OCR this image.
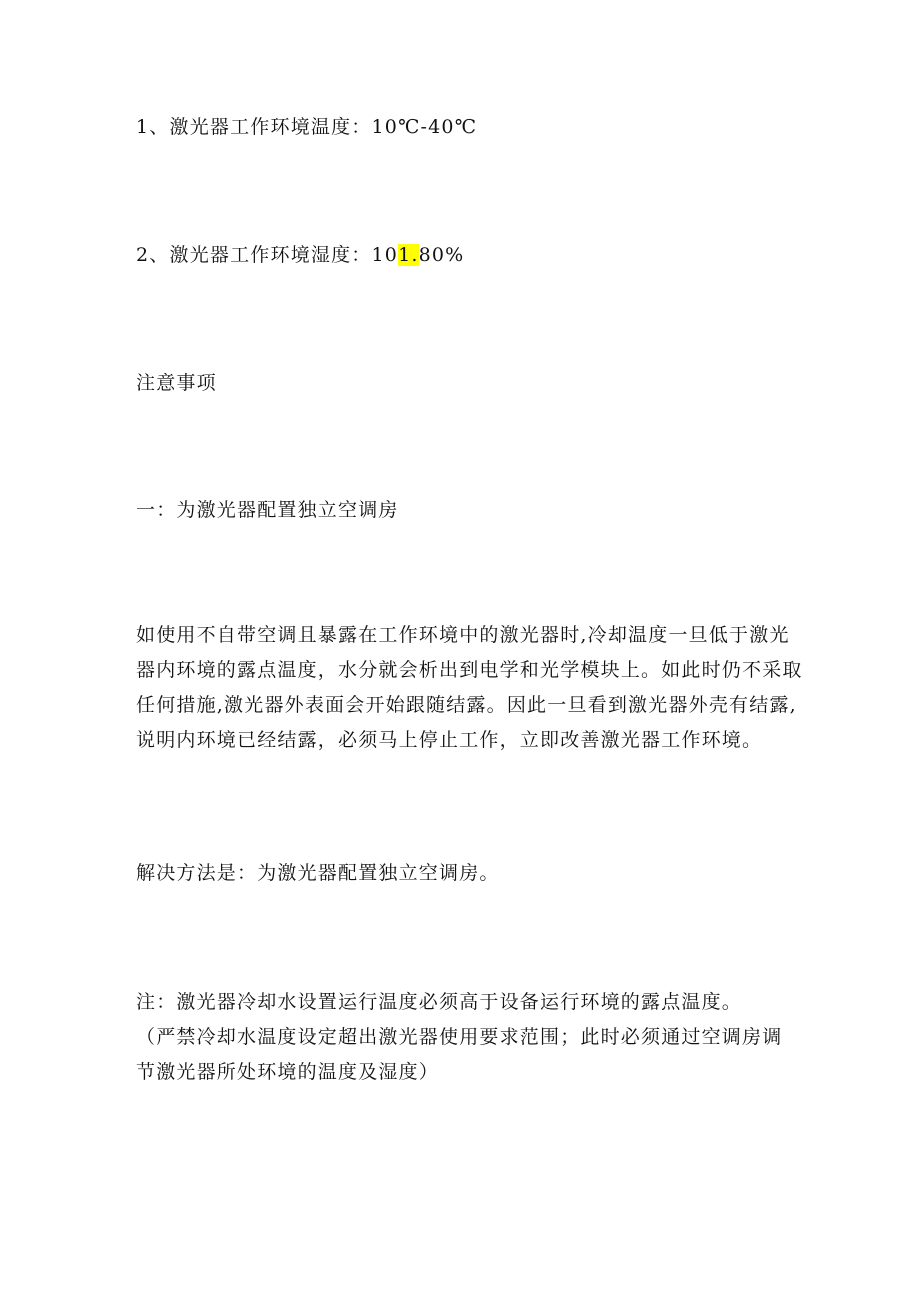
1、激光器工作环境温度：10℃-40℃

2、激光器工作环境湿度：101.80%

注意事项

一：为激光器配置独立空调房

如使用不自带空调且暴露在工作环境中的激光器时,冷却温度一旦低于激光
器内环境的露点温度，水分就会析出到电学和光学模块上。如此时仍不采取
任何措施,激光器外表面会开始跟随结露。因此一旦看到激光器外壳有结露,
说明内环境已经结露，必须马上停止工作，立即改善激光器工作环境。

解决方法是：为激光器配置独立空调房。

注：激光器冷却水设置运行温度必须高于设备运行环境的露点温度。
（严禁冷却水温度设定超出激光器使用要求范围；此时必须通过空调房调
节激光器所处环境的温度及湿度）
